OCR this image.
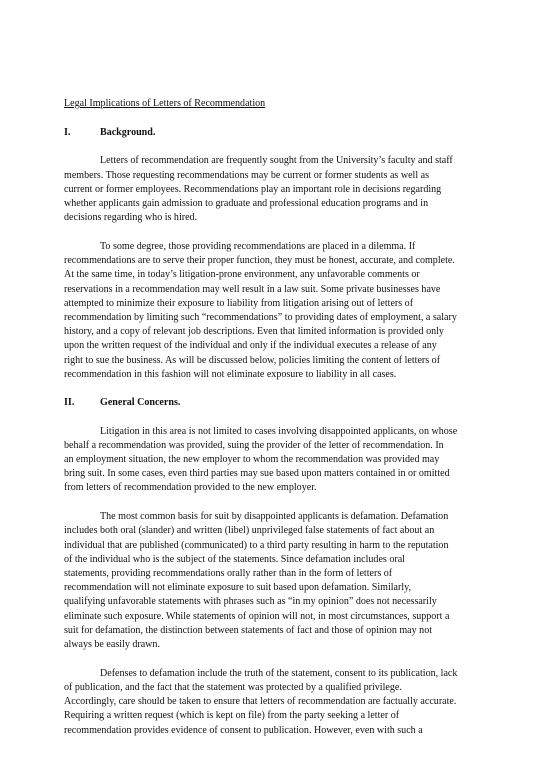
Legal Implications of Letters of Recommendation
I.	Background.
Letters of recommendation are frequently sought from the University’s faculty and staff
members. Those requesting recommendations may be current or former students as well as
current or former employees. Recommendations play an important role in decisions regarding
whether applicants gain admission to graduate and professional education programs and in
decisions regarding who is hired.
To some degree, those providing recommendations are placed in a dilemma. If
recommendations are to serve their proper function, they must be honest, accurate, and complete.
At the same time, in today’s litigation-prone environment, any unfavorable comments or
reservations in a recommendation may well result in a law suit. Some private businesses have
attempted to minimize their exposure to liability from litigation arising out of letters of
recommendation by limiting such “recommendations” to providing dates of employment, a salary
history, and a copy of relevant job descriptions. Even that limited information is provided only
upon the written request of the individual and only if the individual executes a release of any
right to sue the business. As will be discussed below, policies limiting the content of letters of
recommendation in this fashion will not eliminate exposure to liability in all cases.
II.	General Concerns.
Litigation in this area is not limited to cases involving disappointed applicants, on whose
behalf a recommendation was provided, suing the provider of the letter of recommendation. In
an employment situation, the new employer to whom the recommendation was provided may
bring suit. In some cases, even third parties may sue based upon matters contained in or omitted
from letters of recommendation provided to the new employer.
The most common basis for suit by disappointed applicants is defamation. Defamation
includes both oral (slander) and written (libel) unprivileged false statements of fact about an
individual that are published (communicated) to a third party resulting in harm to the reputation
of the individual who is the subject of the statements. Since defamation includes oral
statements, providing recommendations orally rather than in the form of letters of
recommendation will not eliminate exposure to suit based upon defamation. Similarly,
qualifying unfavorable statements with phrases such as “in my opinion” does not necessarily
eliminate such exposure. While statements of opinion will not, in most circumstances, support a
suit for defamation, the distinction between statements of fact and those of opinion may not
always be easily drawn.
Defenses to defamation include the truth of the statement, consent to its publication, lack
of publication, and the fact that the statement was protected by a qualified privilege.
Accordingly, care should be taken to ensure that letters of recommendation are factually accurate.
Requiring a written request (which is kept on file) from the party seeking a letter of
recommendation provides evidence of consent to publication. However, even with such a
